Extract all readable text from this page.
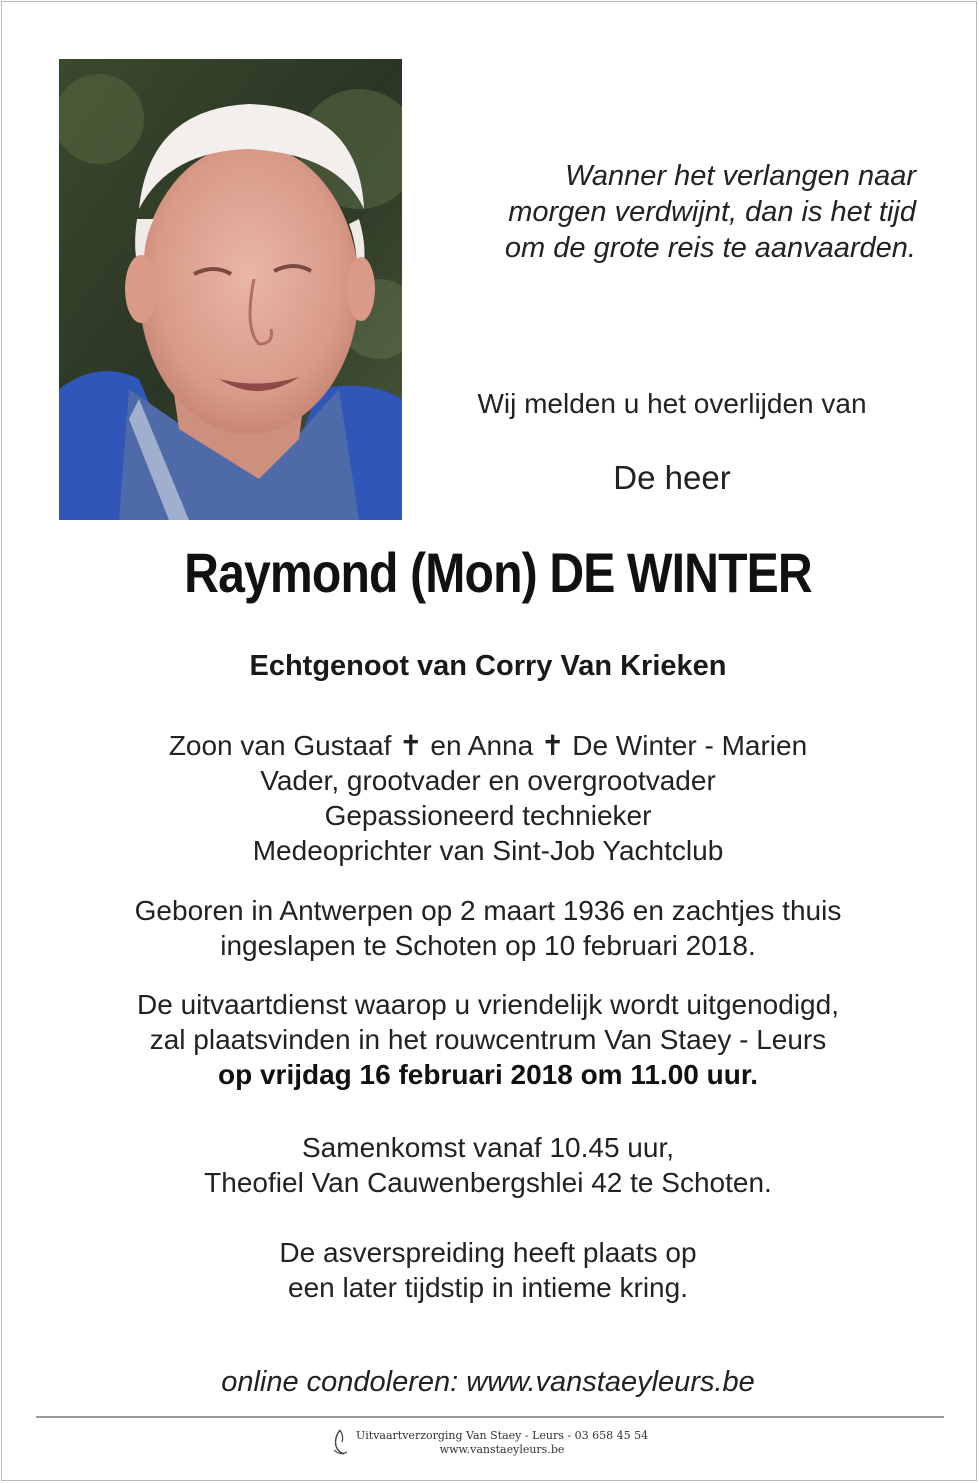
Wanner het verlangen naar
morgen verdwijnt, dan is het tijd
om de grote reis te aanvaarden.
Wij melden u het overlijden van
De heer
Raymond (Mon) DE WINTER
Echtgenoot van Corry Van Krieken
Zoon van Gustaaf ✝ en Anna ✝ De Winter - Marien
Vader, grootvader en overgrootvader
Gepassioneerd technieker
Medeoprichter van Sint-Job Yachtclub
Geboren in Antwerpen op 2 maart 1936 en zachtjes thuis
ingeslapen te Schoten op 10 februari 2018.
De uitvaartdienst waarop u vriendelijk wordt uitgenodigd,
zal plaatsvinden in het rouwcentrum Van Staey - Leurs
op vrijdag 16 februari 2018 om 11.00 uur.
Samenkomst vanaf 10.45 uur,
Theofiel Van Cauwenbergshlei 42 te Schoten.
De asverspreiding heeft plaats op
een later tijdstip in intieme kring.
online condoleren: www.vanstaeyleurs.be
Uitvaartverzorging Van Staey - Leurs - 03 658 45 54
www.vanstaeyleurs.be
